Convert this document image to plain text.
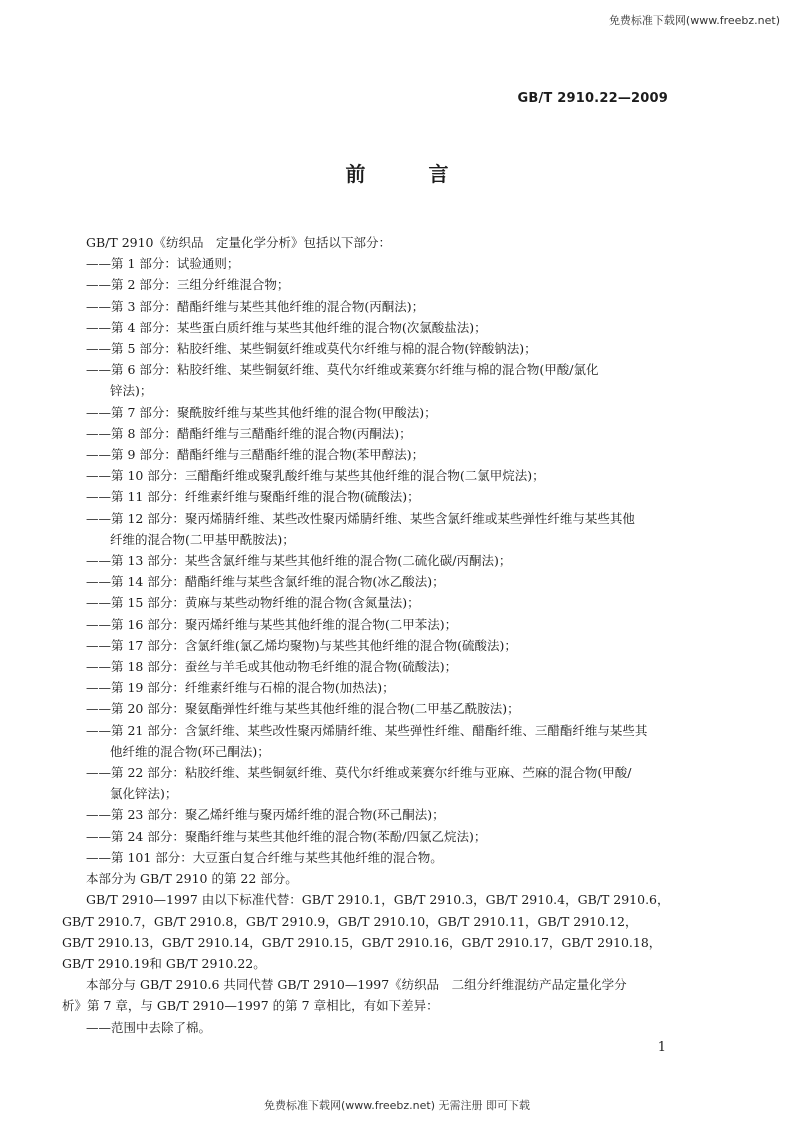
免费标准下载网(www.freebz.net)
GB/T 2910.22—2009
前 言
GB/T 2910《纺织品　定量化学分析》包括以下部分：
——第 1 部分：试验通则；
——第 2 部分：三组分纤维混合物；
——第 3 部分：醋酯纤维与某些其他纤维的混合物(丙酮法)；
——第 4 部分：某些蛋白质纤维与某些其他纤维的混合物(次氯酸盐法)；
——第 5 部分：粘胶纤维、某些铜氨纤维或莫代尔纤维与棉的混合物(锌酸钠法)；
——第 6 部分：粘胶纤维、某些铜氨纤维、莫代尔纤维或莱赛尔纤维与棉的混合物(甲酸/氯化
锌法)；
——第 7 部分：聚酰胺纤维与某些其他纤维的混合物(甲酸法)；
——第 8 部分：醋酯纤维与三醋酯纤维的混合物(丙酮法)；
——第 9 部分：醋酯纤维与三醋酯纤维的混合物(苯甲醇法)；
——第 10 部分：三醋酯纤维或聚乳酸纤维与某些其他纤维的混合物(二氯甲烷法)；
——第 11 部分：纤维素纤维与聚酯纤维的混合物(硫酸法)；
——第 12 部分：聚丙烯腈纤维、某些改性聚丙烯腈纤维、某些含氯纤维或某些弹性纤维与某些其他
纤维的混合物(二甲基甲酰胺法)；
——第 13 部分：某些含氯纤维与某些其他纤维的混合物(二硫化碳/丙酮法)；
——第 14 部分：醋酯纤维与某些含氯纤维的混合物(冰乙酸法)；
——第 15 部分：黄麻与某些动物纤维的混合物(含氮量法)；
——第 16 部分：聚丙烯纤维与某些其他纤维的混合物(二甲苯法)；
——第 17 部分：含氯纤维(氯乙烯均聚物)与某些其他纤维的混合物(硫酸法)；
——第 18 部分：蚕丝与羊毛或其他动物毛纤维的混合物(硫酸法)；
——第 19 部分：纤维素纤维与石棉的混合物(加热法)；
——第 20 部分：聚氨酯弹性纤维与某些其他纤维的混合物(二甲基乙酰胺法)；
——第 21 部分：含氯纤维、某些改性聚丙烯腈纤维、某些弹性纤维、醋酯纤维、三醋酯纤维与某些其
他纤维的混合物(环己酮法)；
——第 22 部分：粘胶纤维、某些铜氨纤维、莫代尔纤维或莱赛尔纤维与亚麻、苎麻的混合物(甲酸/
氯化锌法)；
——第 23 部分：聚乙烯纤维与聚丙烯纤维的混合物(环己酮法)；
——第 24 部分：聚酯纤维与某些其他纤维的混合物(苯酚/四氯乙烷法)；
——第 101 部分：大豆蛋白复合纤维与某些其他纤维的混合物。
本部分为 GB/T 2910 的第 22 部分。
GB/T 2910—1997 由以下标准代替：GB/T 2910.1，GB/T 2910.3，GB/T 2910.4，GB/T 2910.6，
GB/T 2910.7，GB/T 2910.8，GB/T 2910.9，GB/T 2910.10，GB/T 2910.11，GB/T 2910.12，
GB/T 2910.13，GB/T 2910.14，GB/T 2910.15，GB/T 2910.16，GB/T 2910.17，GB/T 2910.18，
GB/T 2910.19和 GB/T 2910.22。
本部分与 GB/T 2910.6 共同代替 GB/T 2910—1997《纺织品　二组分纤维混纺产品定量化学分
析》第 7 章，与 GB/T 2910—1997 的第 7 章相比，有如下差异：
——范围中去除了棉。
1
免费标准下载网(www.freebz.net) 无需注册 即可下载
